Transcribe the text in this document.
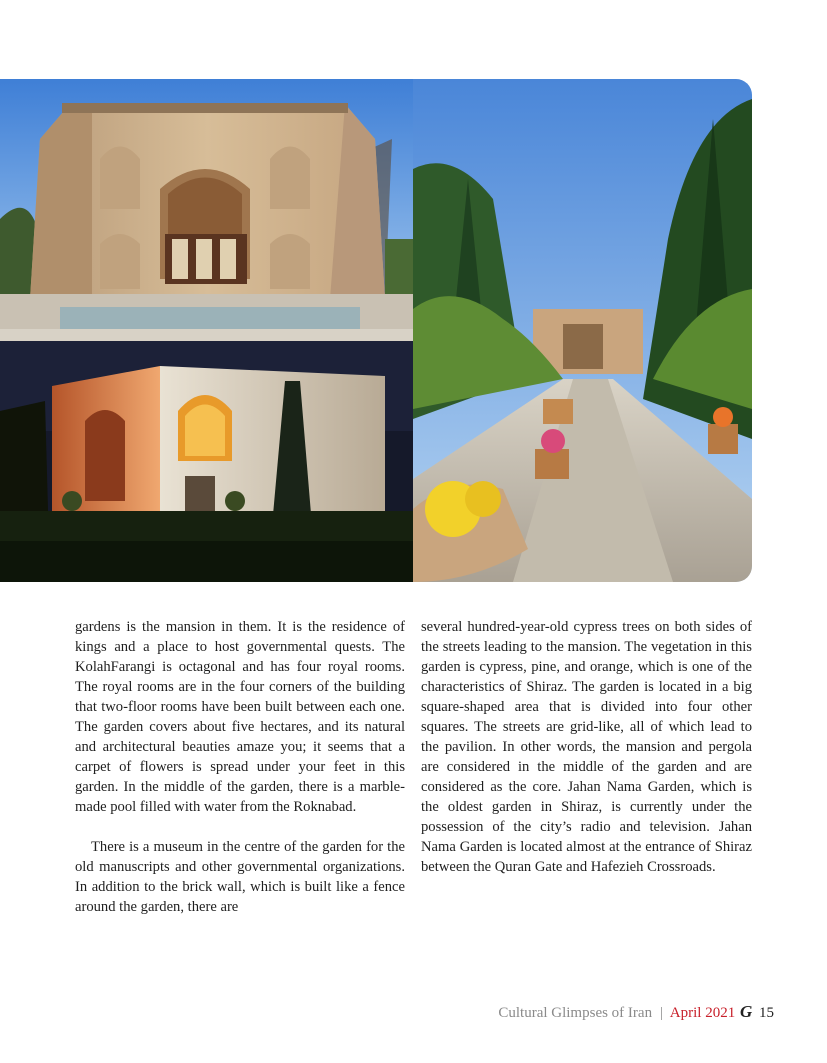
gardens is the mansion in them. It is the residence of kings and a place to host governmental quests. The KolahFarangi is octagonal and has four royal rooms. The royal rooms are in the four corners of the building that two-floor rooms have been built between each one. The garden covers about five hectares, and its natural and architectural beauties amaze you; it seems that a carpet of flowers is spread under your feet in this garden. In the middle of the garden, there is a marble-made pool filled with water from the Roknabad.

There is a museum in the centre of the garden for the old manuscripts and other governmental organizations. In addition to the brick wall, which is built like a fence around the garden, there are

several hundred-year-old cypress trees on both sides of the streets leading to the mansion. The vegetation in this garden is cypress, pine, and orange, which is one of the characteristics of Shiraz. The garden is located in a big square-shaped area that is divided into four other squares. The streets are grid-like, all of which lead to the pavilion. In other words, the mansion and pergola are considered in the middle of the garden and are considered as the core. Jahan Nama Garden, which is the oldest garden in Shiraz, is currently under the possession of the city’s radio and television. Jahan Nama Garden is located almost at the entrance of Shiraz between the Quran Gate and Hafezieh Crossroads.

Cultural Glimpses of Iran | April 2021 G 15
